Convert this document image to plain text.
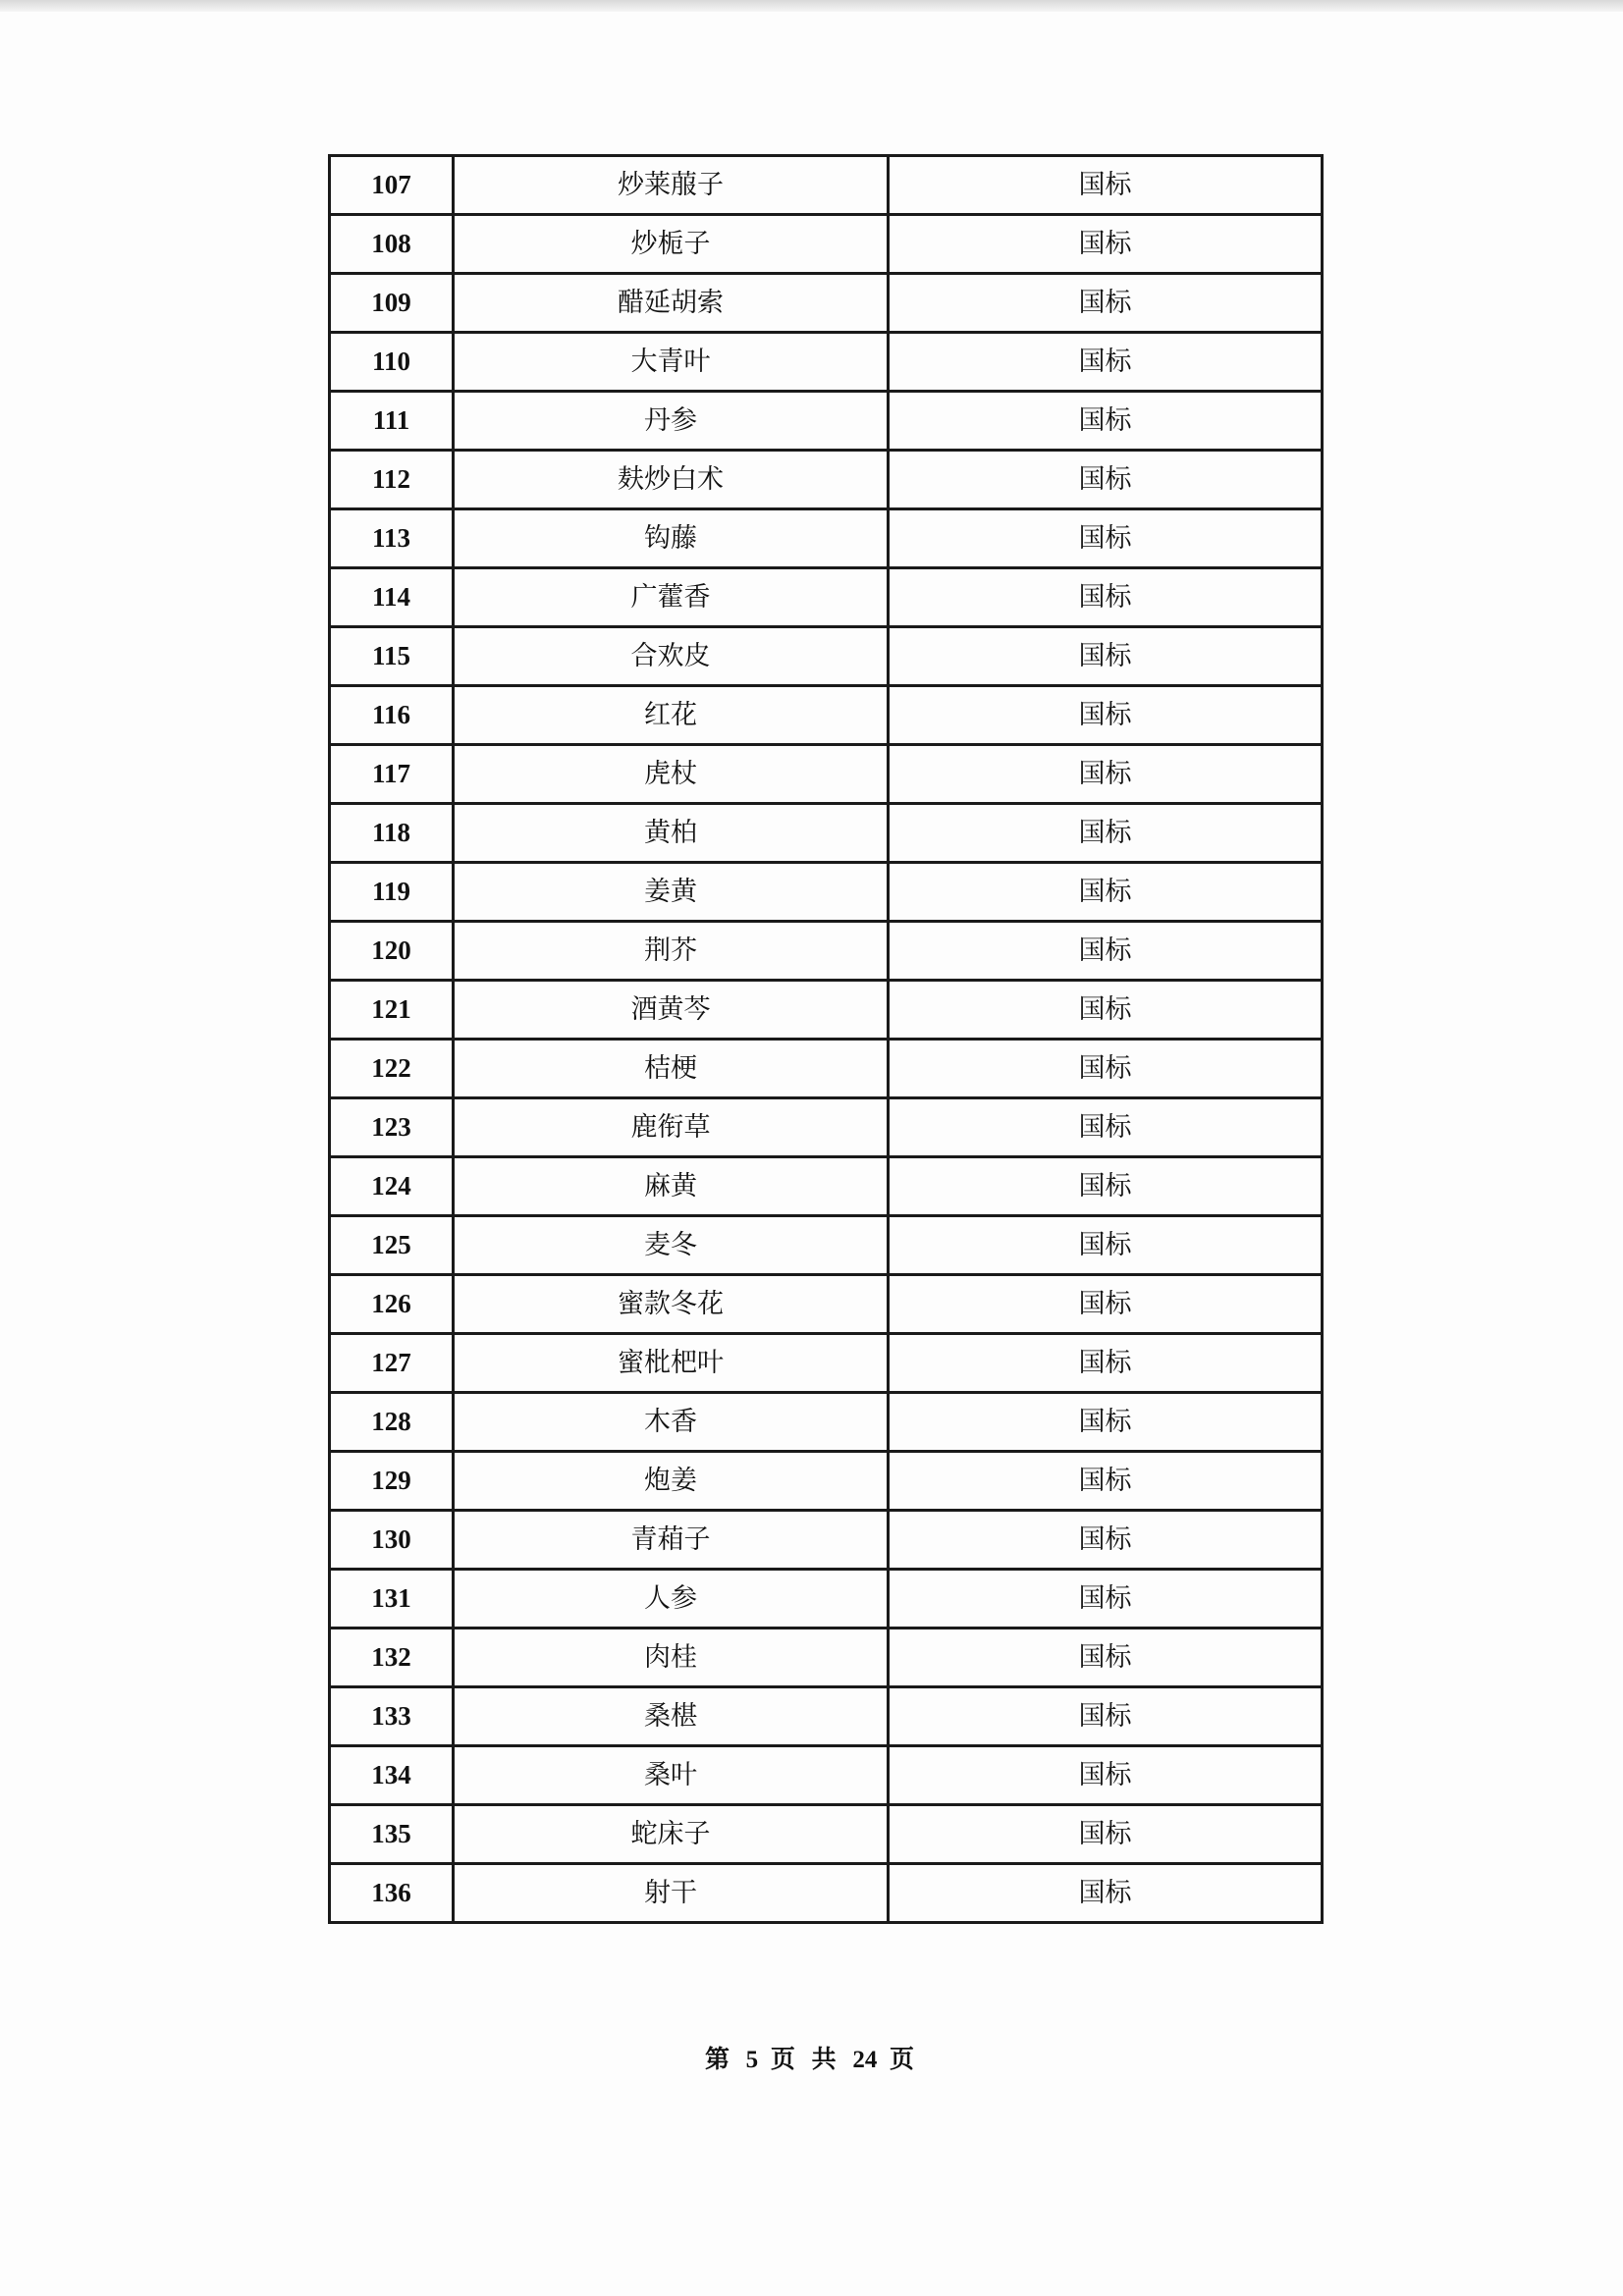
107	炒莱菔子	国标
108	炒栀子	国标
109	醋延胡索	国标
110	大青叶	国标
111	丹参	国标
112	麸炒白术	国标
113	钩藤	国标
114	广藿香	国标
115	合欢皮	国标
116	红花	国标
117	虎杖	国标
118	黄柏	国标
119	姜黄	国标
120	荆芥	国标
121	酒黄芩	国标
122	桔梗	国标
123	鹿衔草	国标
124	麻黄	国标
125	麦冬	国标
126	蜜款冬花	国标
127	蜜枇杷叶	国标
128	木香	国标
129	炮姜	国标
130	青葙子	国标
131	人参	国标
132	肉桂	国标
133	桑椹	国标
134	桑叶	国标
135	蛇床子	国标
136	射干	国标
第 5 页 共 24 页
